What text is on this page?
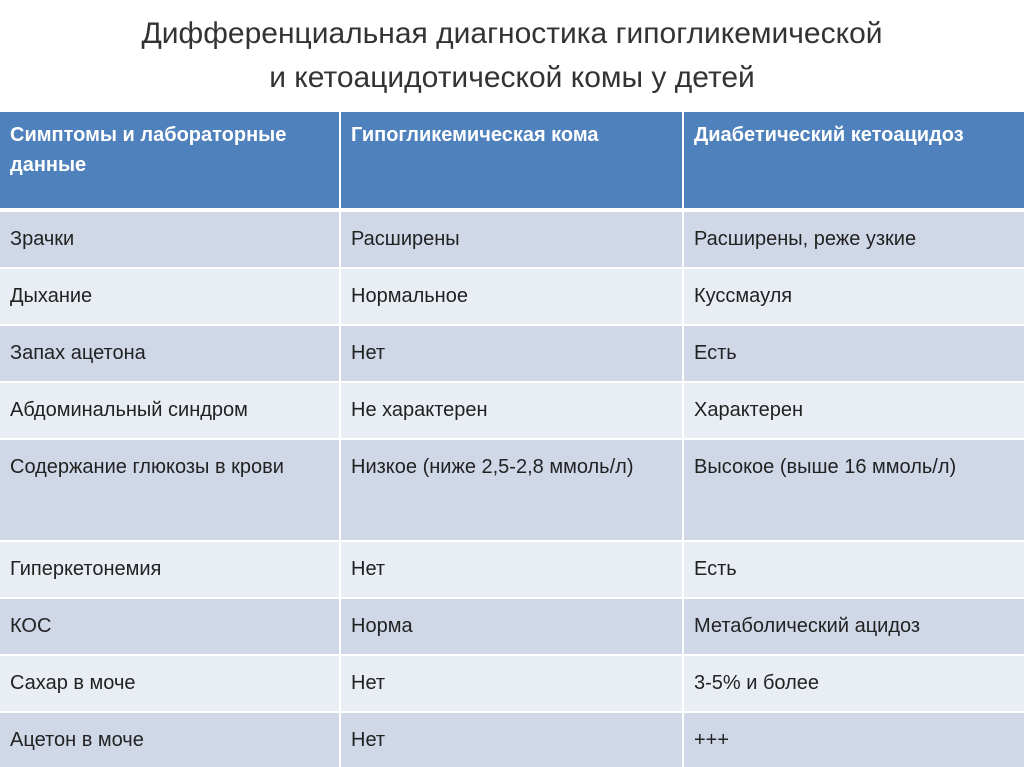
Дифференциальная диагностика гипогликемической
и кетоацидотической комы у детей
Симптомы и лабораторные данные	Гипогликемическая кома	Диабетический кетоацидоз
Зрачки	Расширены	Расширены, реже узкие
Дыхание	Нормальное	Куссмауля
Запах ацетона	Нет	Есть
Абдоминальный синдром	Не характерен	Характерен
Содержание глюкозы в крови	Низкое (ниже 2,5-2,8 ммоль/л)	Высокое (выше 16 ммоль/л)
Гиперкетонемия	Нет	Есть
КОС	Норма	Метаболический ацидоз
Сахар в моче	Нет	3-5% и более
Ацетон в моче	Нет	+++
